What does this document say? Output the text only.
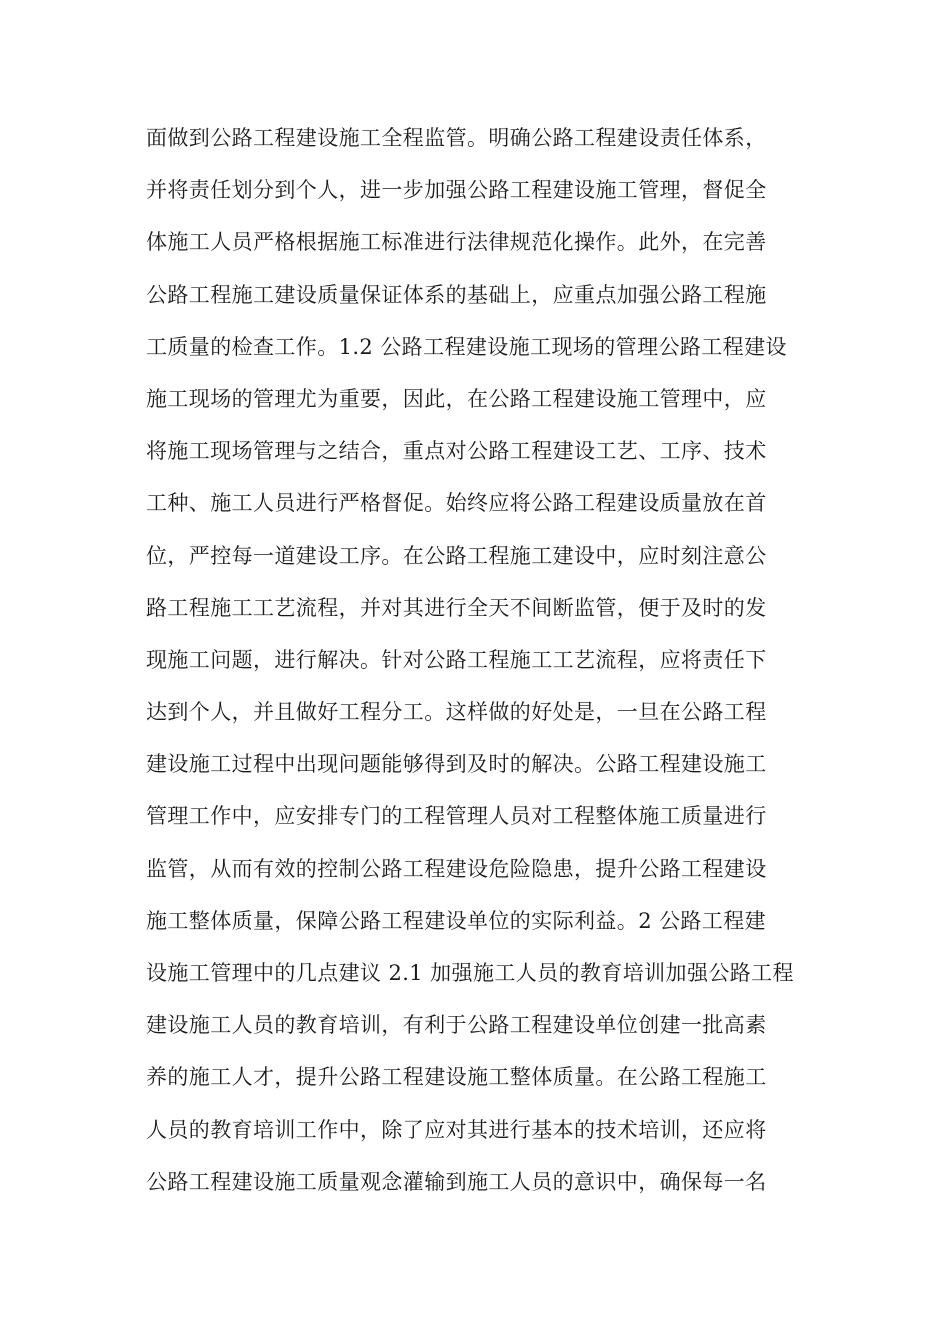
面做到公路工程建设施工全程监管。明确公路工程建设责任体系，
并将责任划分到个人，进一步加强公路工程建设施工管理，督促全
体施工人员严格根据施工标准进行法律规范化操作。此外，在完善
公路工程施工建设质量保证体系的基础上，应重点加强公路工程施
工质量的检查工作。1.2 公路工程建设施工现场的管理公路工程建设
施工现场的管理尤为重要，因此，在公路工程建设施工管理中，应
将施工现场管理与之结合，重点对公路工程建设工艺、工序、技术
工种、施工人员进行严格督促。始终应将公路工程建设质量放在首
位，严控每一道建设工序。在公路工程施工建设中，应时刻注意公
路工程施工工艺流程，并对其进行全天不间断监管，便于及时的发
现施工问题，进行解决。针对公路工程施工工艺流程，应将责任下
达到个人，并且做好工程分工。这样做的好处是，一旦在公路工程
建设施工过程中出现问题能够得到及时的解决。公路工程建设施工
管理工作中，应安排专门的工程管理人员对工程整体施工质量进行
监管，从而有效的控制公路工程建设危险隐患，提升公路工程建设
施工整体质量，保障公路工程建设单位的实际利益。2 公路工程建
设施工管理中的几点建议 2.1 加强施工人员的教育培训加强公路工程
建设施工人员的教育培训，有利于公路工程建设单位创建一批高素
养的施工人才，提升公路工程建设施工整体质量。在公路工程施工
人员的教育培训工作中，除了应对其进行基本的技术培训，还应将
公路工程建设施工质量观念灌输到施工人员的意识中，确保每一名
